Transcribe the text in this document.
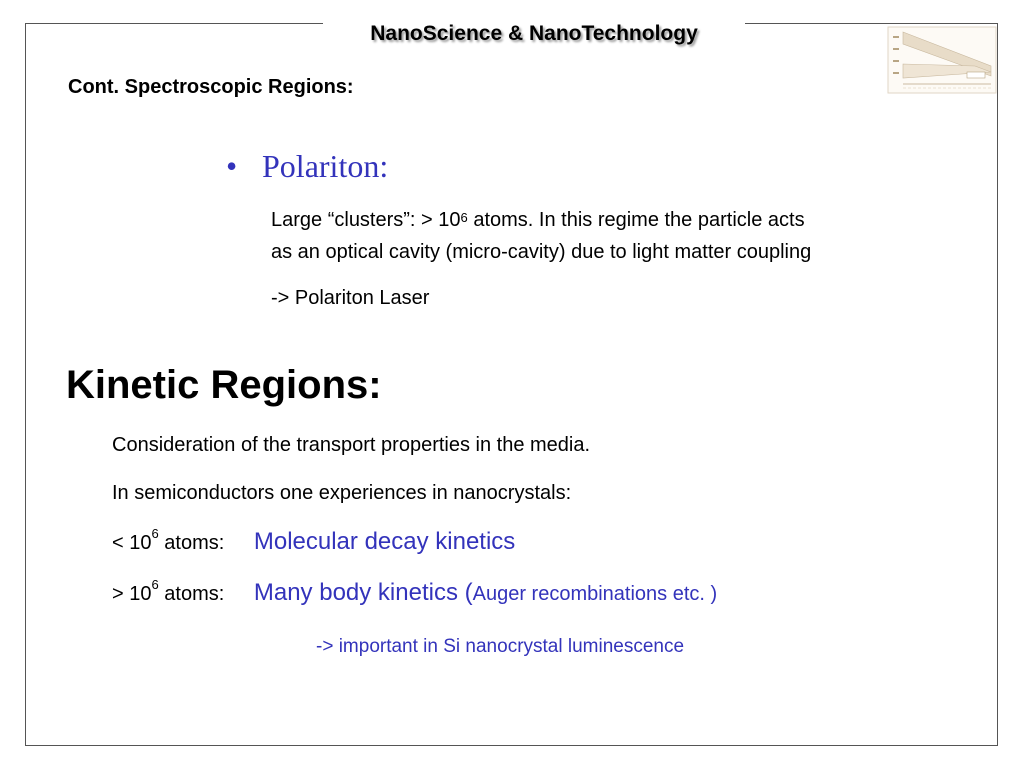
NanoScience & NanoTechnology
Cont. Spectroscopic Regions:
• Polariton:
Large “clusters”: > $10^6$ atoms. In this regime the particle acts
as an optical cavity (micro-cavity) due to light matter coupling
-> Polariton Laser
Kinetic Regions:
Consideration of the transport properties in the media.
In semiconductors one experiences in nanocrystals:
< $10^6$ atoms: Molecular decay kinetics
> $10^6$ atoms: Many body kinetics (Auger recombinations etc. )
-> important in Si nanocrystal luminescence
